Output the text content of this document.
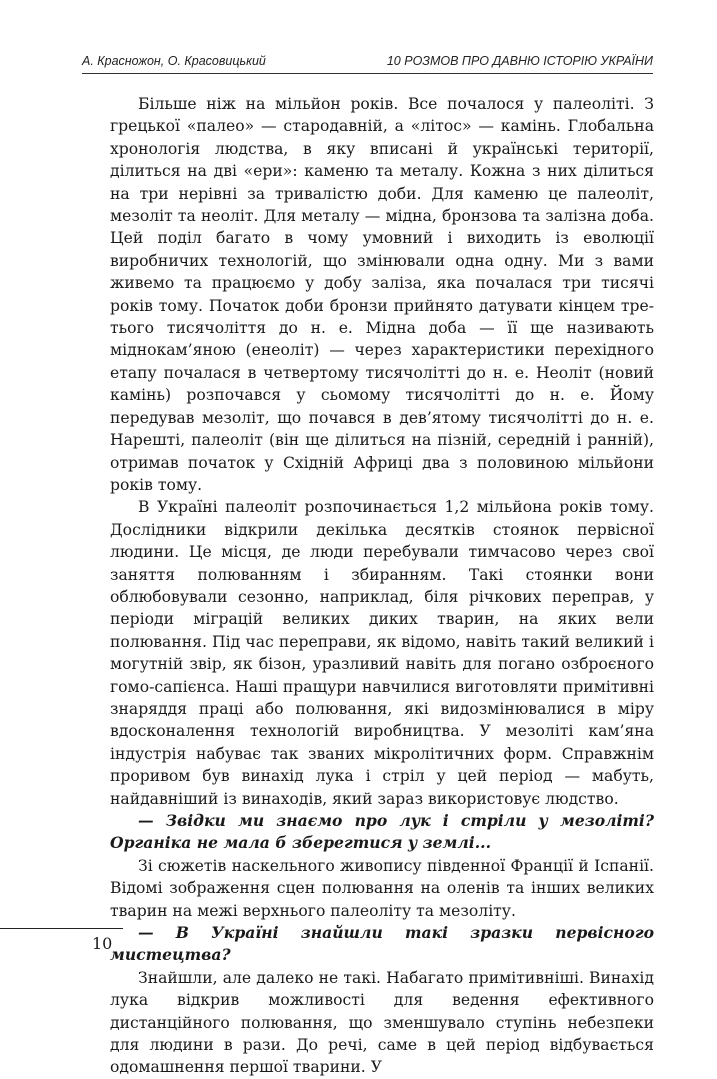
А. Красножон, О. Красовицький	10 РОЗМОВ ПРО ДАВНЮ ІСТОРІЮ УКРАЇНИ

Більше ніж на мільйон років. Все почалося у палеоліті. З грецької «палео» — стародавній, а «літос» — камінь. Глобальна хронологія людства, в яку вписані й українські території, ділиться на дві «ери»: каменю та металу. Кожна з них ділиться на три нерівні за тривалістю доби. Для каменю це палеоліт, мезоліт та неоліт. Для металу — мідна, бронзова та залізна доба. Цей поділ багато в чому умовний і виходить із еволюції виробничих технологій, що змінювали одна одну. Ми з вами живемо та працюємо у добу заліза, яка почалася три тисячі років тому. Початок доби бронзи прийнято датувати кінцем третього тисячоліття до н. е. Мідна доба — її ще називають міднокам’яною (енеоліт) — через характеристики перехідного етапу почалася в четвертому тисячолітті до н. е. Неоліт (новий камінь) розпочався у сьомому тисячолітті до н. е. Йому передував мезоліт, що почався в дев’ятому тисячолітті до н. е. Нарешті, палеоліт (він ще ділиться на пізній, середній і ранній), отримав початок у Східній Африці два з половиною мільйони років тому.

В Україні палеоліт розпочинається 1,2 мільйона років тому. Дослідники відкрили декілька десятків стоянок первісної людини. Це місця, де люди перебували тимчасово через свої заняття полюванням і збиранням. Такі стоянки вони облюбовували сезонно, наприклад, біля річкових переправ, у періоди міграцій великих диких тварин, на яких вели полювання. Під час переправи, як відомо, навіть такий великий і могутній звір, як бізон, уразливий навіть для погано озброєного гомо-сапієнса. Наші пращури навчилися виготовляти примітивні знаряддя праці або полювання, які видозмінювалися в міру вдосконалення технологій виробництва. У мезоліті кам’яна індустрія набуває так званих мікролітичних форм. Справжнім проривом був винахід лука і стріл у цей період — мабуть, найдавніший із винаходів, який зараз використовує людство.

— Звідки ми знаємо про лук і стріли у мезоліті? Органіка не мала б зберегтися у землі...

Зі сюжетів наскельного живопису південної Франції й Іспанії. Відомі зображення сцен полювання на оленів та інших великих тварин на межі верхнього палеоліту та мезоліту.

— В Україні знайшли такі зразки первісного мистецтва?

Знайшли, але далеко не такі. Набагато примітивніші. Винахід лука відкрив можливості для ведення ефективного дистанційного полювання, що зменшувало ступінь небезпеки для людини в рази. До речі, саме в цей період відбувається одомашнення першої тварини. У

10
